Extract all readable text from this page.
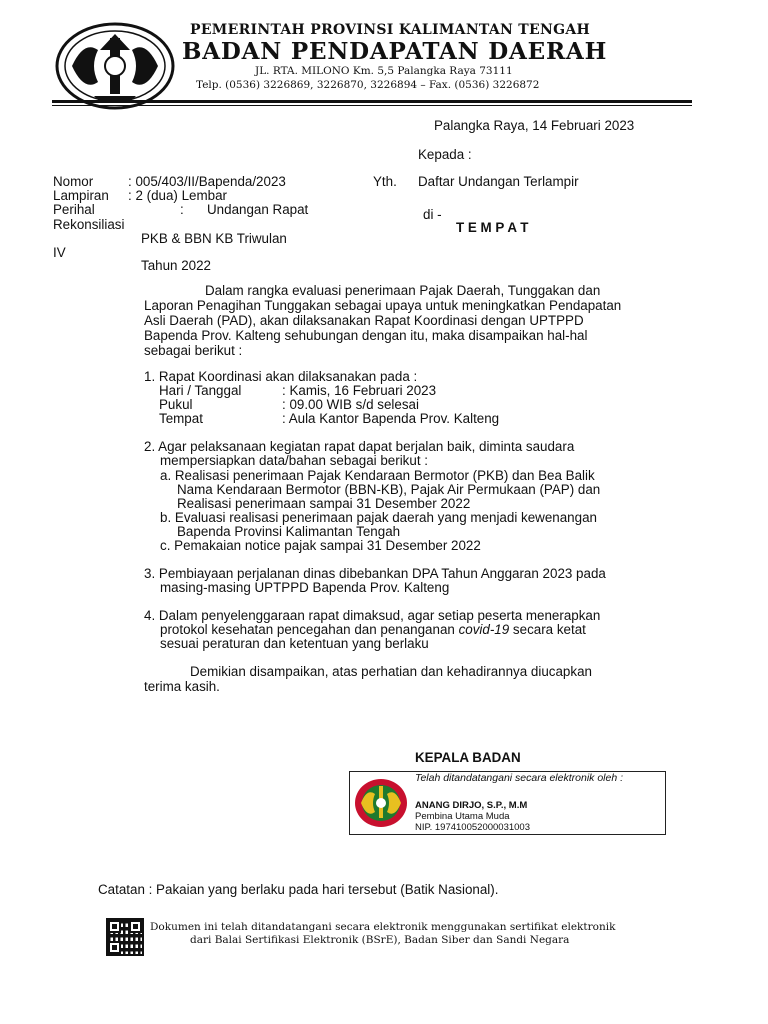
PEMERINTAH PROVINSI KALIMANTAN TENGAH
BADAN PENDAPATAN DAERAH
JL. RTA. MILONO Km. 5,5 Palangka Raya 73111
Telp. (0536) 3226869, 3226870, 3226894 – Fax. (0536) 3226872
Palangka Raya, 14 Februari 2023
Kepada :
Yth. Daftar Undangan Terlampir
di -
T E M P A T
Nomor	: 005/403/II/Bapenda/2023
Lampiran : 2 (dua) Lembar
Perihal	: Undangan Rapat
Rekonsiliasi
PKB & BBN KB Triwulan
IV
Tahun 2022
Dalam rangka evaluasi penerimaan Pajak Daerah, Tunggakan dan
Laporan Penagihan Tunggakan sebagai upaya untuk meningkatkan Pendapatan
Asli Daerah (PAD), akan dilaksanakan Rapat Koordinasi dengan UPTPPD
Bapenda Prov. Kalteng sehubungan dengan itu, maka disampaikan hal-hal
sebagai berikut :
1. Rapat Koordinasi akan dilaksanakan pada :
Hari / Tanggal	: Kamis, 16 Februari 2023
Pukul	: 09.00 WIB s/d selesai
Tempat	: Aula Kantor Bapenda Prov. Kalteng
2. Agar pelaksanaan kegiatan rapat dapat berjalan baik, diminta saudara
mempersiapkan data/bahan sebagai berikut :
a. Realisasi penerimaan Pajak Kendaraan Bermotor (PKB) dan Bea Balik
Nama Kendaraan Bermotor (BBN-KB), Pajak Air Permukaan (PAP) dan
Realisasi penerimaan sampai 31 Desember 2022
b. Evaluasi realisasi penerimaan pajak daerah yang menjadi kewenangan
Bapenda Provinsi Kalimantan Tengah
c. Pemakaian notice pajak sampai 31 Desember 2022
3. Pembiayaan perjalanan dinas dibebankan DPA Tahun Anggaran 2023 pada
masing-masing UPTPPD Bapenda Prov. Kalteng
4. Dalam penyelenggaraan rapat dimaksud, agar setiap peserta menerapkan
protokol kesehatan pencegahan dan penanganan covid-19 secara ketat
sesuai peraturan dan ketentuan yang berlaku
Demikian disampaikan, atas perhatian dan kehadirannya diucapkan
terima kasih.
KEPALA BADAN
Telah ditandatangani secara elektronik oleh :
ANANG DIRJO, S.P., M.M
Pembina Utama Muda
NIP. 197410052000031003
Catatan : Pakaian yang berlaku pada hari tersebut (Batik Nasional).
Dokumen ini telah ditandatangani secara elektronik menggunakan sertifikat elektronik
dari Balai Sertifikasi Elektronik (BSrE), Badan Siber dan Sandi Negara
